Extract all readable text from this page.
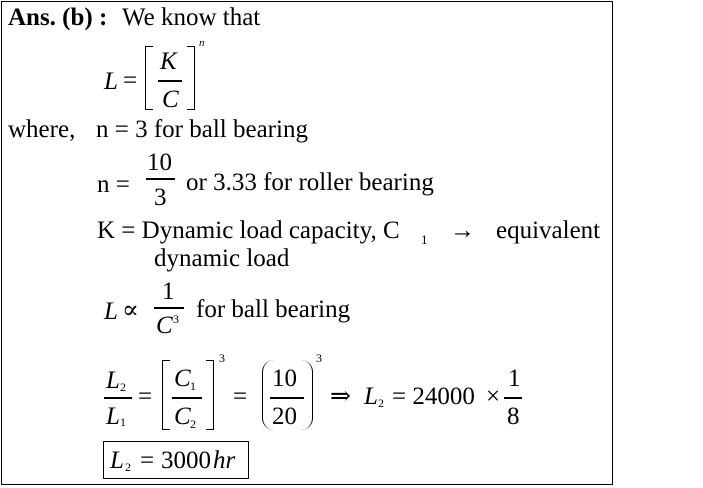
Ans. (b) : We know that
L =
K
C
n
where, n = 3 for ball bearing
n =
10
3
or 3.33 for roller bearing
K = Dynamic load capacity, C 1 → equivalent
dynamic load
L ∝
1
C 3 for ball bearing
L 2
L 1
=
C 1
C 2
3
=
10
20
3
⇒ L 2 = 24000 ×
1
8
L 2 = 3000 hr
